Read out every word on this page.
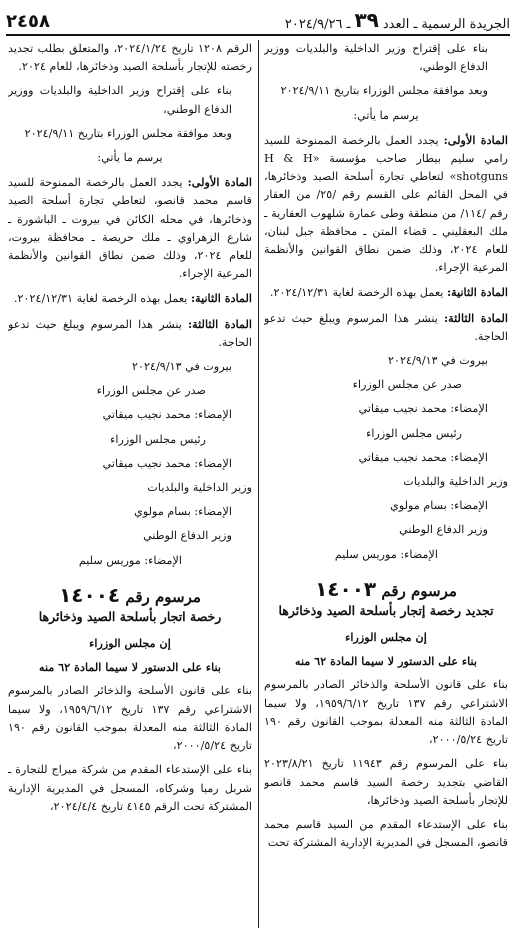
٢٤٥٨	الجريدة الرسمية ـ العدد
٣٩
ـ ٢٠٢٤/٩/٢٦

بناء على إقتراح وزير الداخلية والبلديات ووزير الدفاع الوطني،

وبعد موافقة مجلس الوزراء بتاريخ ٢٠٢٤/٩/١١

يرسم ما يأتي:

المادة الأولى: يجدد العمل بالرخصة الممنوحة للسيد رامي سليم بيطار صاحب مؤسسة «H & H shotguns» لتعاطي تجارة أسلحة الصيد وذخائرها، في المحل القائم على القسم رقم /٢٥/ من العقار رقم /١١٤/ من منطقة وطى عمارة شلهوب العقارية ـ ملك البعقليني ـ قضاء المتن ـ محافظة جبل لبنان، للعام ٢٠٢٤، وذلك ضمن نطاق القوانين والأنظمة المرعية الإجراء.

المادة الثانية: يعمل بهذه الرخصة لغاية ٢٠٢٤/١٢/٣١.

المادة الثالثة: ينشر هذا المرسوم ويبلغ حيث تدعو الحاجة.

بيروت في ٢٠٢٤/٩/١٣

صدر عن مجلس الوزراء

الإمضاء: محمد نجيب ميقاتي

رئيس مجلس الوزراء

الإمضاء: محمد نجيب ميقاتي

وزير الداخلية والبلديات

الإمضاء: بسام مولوي

وزير الدفاع الوطني

الإمضاء: موريس سليم

مرسوم رقم ١٤٠٠٣
تجديد رخصة إتجار بأسلحة الصيد وذخائرها

إن مجلس الوزراء

بناء على الدستور لا سيما المادة ٦٢ منه

بناء على قانون الأسلحة والذخائر الصادر بالمرسوم الاشتراعي رقم ١٣٧ تاريخ ١٩٥٩/٦/١٢، ولا سيما المادة الثالثة منه المعدلة بموجب القانون رقم ١٩٠ تاريخ ٢٠٠٠/٥/٢٤،

بناء على المرسوم رقم ١١٩٤٣ تاريخ ٢٠٢٣/٨/٢١ القاضي بتجديد رخصة السيد قاسم محمد قانصو للإتجار بأسلحة الصيد وذخائرها،

بناء على الإستدعاء المقدم من السيد قاسم محمد قانصو، المسجل في المديرية الإدارية المشتركة تحت

الرقم ١٢٠٨ تاريخ ٢٠٢٤/١/٢٤، والمتعلق بطلب تجديد رخصته للإتجار بأسلحة الصيد وذخائرها، للعام ٢٠٢٤.

بناء على إقتراح وزير الداخلية والبلديات ووزير الدفاع الوطني،

وبعد موافقة مجلس الوزراء بتاريخ ٢٠٢٤/٩/١١

يرسم ما يأتي:

المادة الأولى: يجدد العمل بالرخصة الممنوحة للسيد قاسم محمد قانصو، لتعاطي تجارة أسلحة الصيد وذخائرها، في محله الكائن في بيروت ـ الباشورة ـ شارع الزهراوي ـ ملك حريصة ـ محافظة بيروت، للعام ٢٠٢٤، وذلك ضمن نطاق القوانين والأنظمة المرعية الإجراء.

المادة الثانية: يعمل بهذه الرخصة لغاية ٢٠٢٤/١٢/٣١.

المادة الثالثة: ينشر هذا المرسوم ويبلغ حيث تدعو الحاجة.

بيروت في ٢٠٢٤/٩/١٣

صدر عن مجلس الوزراء

الإمضاء: محمد نجيب ميقاتي

رئيس مجلس الوزراء

الإمضاء: محمد نجيب ميقاتي

وزير الداخلية والبلديات

الإمضاء: بسام مولوي

وزير الدفاع الوطني

الإمضاء: موريس سليم

مرسوم رقم ١٤٠٠٤
رخصة اتجار بأسلحة الصيد وذخائرها

إن مجلس الوزراء

بناء على الدستور لا سيما المادة ٦٢ منه

بناء على قانون الأسلحة والذخائر الصادر بالمرسوم الاشتراعي رقم ١٣٧ تاريخ ١٩٥٩/٦/١٢، ولا سيما المادة الثالثة منه المعدلة بموجب القانون رقم ١٩٠ تاريخ ٢٠٠٠/٥/٢٤،

بناء على الإستدعاء المقدم من شركة ميراج للتجارة ـ شربل رميا وشركاه، المسجل في المديرية الإدارية المشتركة تحت الرقم ٤١٤٥ تاريخ ٢٠٢٤/٤/٤،
